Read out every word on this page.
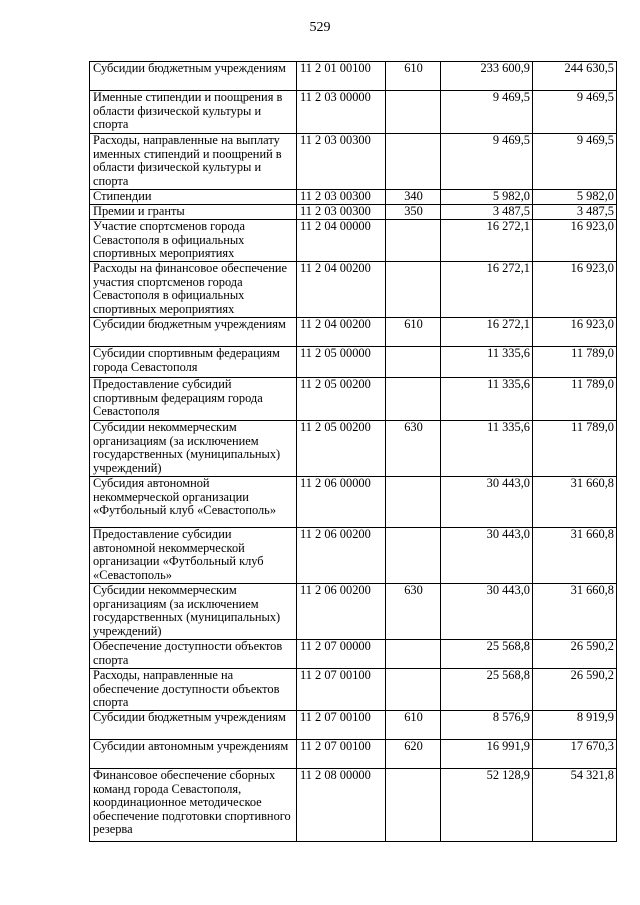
529
Субсидии бюджетным учреждениям	11 2 01 00100	610	233 600,9	244 630,5
Именные стипендии и поощрения в области физической культуры и спорта	11 2 03 00000		9 469,5	9 469,5
Расходы, направленные на выплату именных стипендий и поощрений в области физической культуры и спорта	11 2 03 00300		9 469,5	9 469,5
Стипендии	11 2 03 00300	340	5 982,0	5 982,0
Премии и гранты	11 2 03 00300	350	3 487,5	3 487,5
Участие спортсменов города Севастополя в официальных спортивных мероприятиях	11 2 04 00000		16 272,1	16 923,0
Расходы на финансовое обеспечение участия спортсменов города Севастополя в официальных спортивных мероприятиях	11 2 04 00200		16 272,1	16 923,0
Субсидии бюджетным учреждениям	11 2 04 00200	610	16 272,1	16 923,0
Субсидии спортивным федерациям города Севастополя	11 2 05 00000		11 335,6	11 789,0
Предоставление субсидий спортивным федерациям города Севастополя	11 2 05 00200		11 335,6	11 789,0
Субсидии некоммерческим организациям (за исключением государственных (муниципальных) учреждений)	11 2 05 00200	630	11 335,6	11 789,0
Субсидия автономной некоммерческой организации «Футбольный клуб «Севастополь»	11 2 06 00000		30 443,0	31 660,8
Предоставление субсидии автономной некоммерческой организации «Футбольный клуб «Севастополь»	11 2 06 00200		30 443,0	31 660,8
Субсидии некоммерческим организациям (за исключением государственных (муниципальных) учреждений)	11 2 06 00200	630	30 443,0	31 660,8
Обеспечение доступности объектов спорта	11 2 07 00000		25 568,8	26 590,2
Расходы, направленные на обеспечение доступности объектов спорта	11 2 07 00100		25 568,8	26 590,2
Субсидии бюджетным учреждениям	11 2 07 00100	610	8 576,9	8 919,9
Субсидии автономным учреждениям	11 2 07 00100	620	16 991,9	17 670,3
Финансовое обеспечение сборных команд города Севастополя, координационное методическое обеспечение подготовки спортивного резерва	11 2 08 00000		52 128,9	54 321,8
